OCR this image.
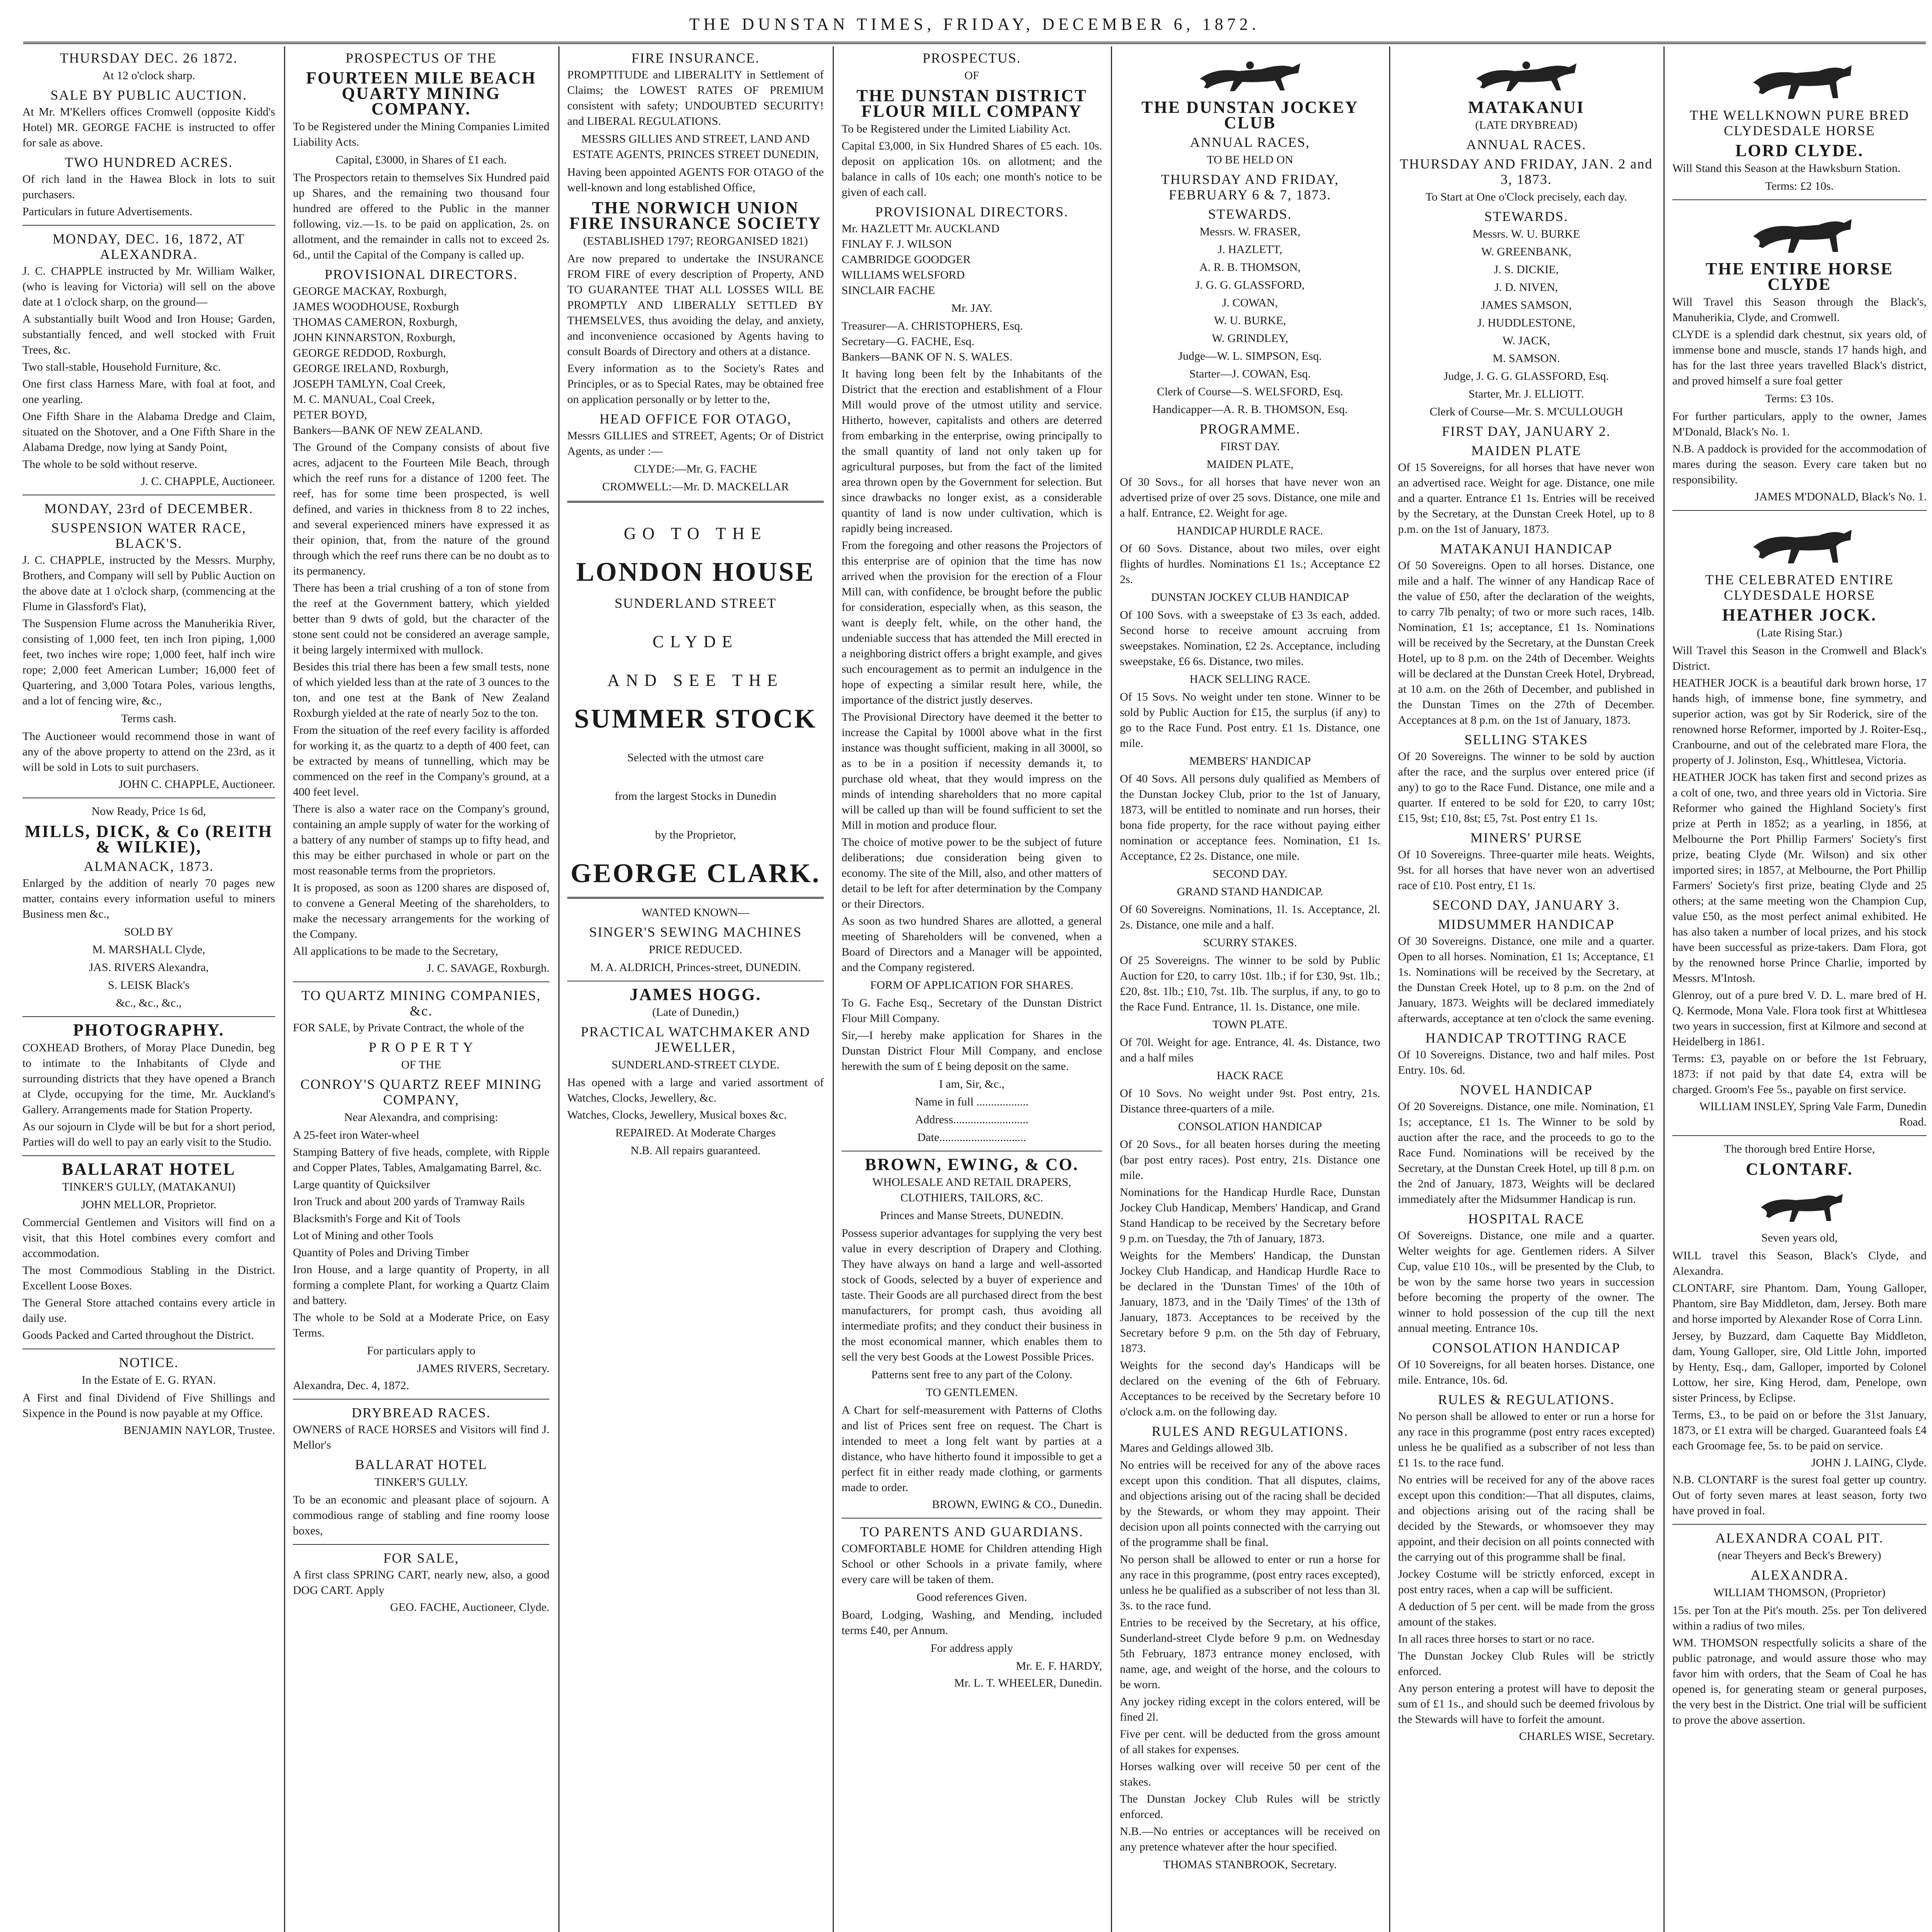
THE DUNSTAN TIMES, FRIDAY, DECEMBER 6, 1872.
THURSDAY DEC. 26 1872.
At 12 o'clock sharp.
SALE BY PUBLIC AUCTION.

At Mr. M'Kellers offices Cromwell (opposite Kidd's Hotel) MR. GEORGE FACHE is instructed to offer for sale as above.

TWO HUNDRED ACRES.

Of rich land in the Hawea Block in lots to suit purchasers.

Particulars in future Advertisements.

MONDAY, DEC. 16, 1872, AT ALEXANDRA.

J. C. CHAPPLE instructed by Mr. William Walker, (who is leaving for Victoria) will sell on the above date at 1 o'clock sharp, on the ground—

A substantially built Wood and Iron House; Garden, substantially fenced, and well stocked with Fruit Trees, &c.

Two stall-stable, Household Furniture, &c.

One first class Harness Mare, with foal at foot, and one yearling.

One Fifth Share in the Alabama Dredge and Claim, situated on the Shotover, and a One Fifth Share in the Alabama Dredge, now lying at Sandy Point,

The whole to be sold without reserve.

J. C. CHAPPLE, Auctioneer.
MONDAY, 23rd of DECEMBER.
SUSPENSION WATER RACE, BLACK'S.

J. C. CHAPPLE, instructed by the Messrs. Murphy, Brothers, and Company will sell by Public Auction on the above date at 1 o'clock sharp, (commencing at the Flume in Glassford's Flat),

The Suspension Flume across the Manuherikia River, consisting of 1,000 feet, ten inch Iron piping, 1,000 feet, two inches wire rope; 1,000 feet, half inch wire rope; 2,000 feet American Lumber; 16,000 feet of Quartering, and 3,000 Totara Poles, various lengths, and a lot of fencing wire, &c.,

Terms cash.

The Auctioneer would recommend those in want of any of the above property to attend on the 23rd, as it will be sold in Lots to suit purchasers.

JOHN C. CHAPPLE, Auctioneer.
Now Ready, Price 1s 6d,
MILLS, DICK, & Co (REITH & WILKIE),
ALMANACK, 1873.

Enlarged by the addition of nearly 70 pages new matter, contains every information useful to miners Business men &c.,

SOLD BY
M. MARSHALL Clyde,
JAS. RIVERS Alexandra,
S. LEISK Black's
&c., &c., &c.,
PHOTOGRAPHY.

COXHEAD Brothers, of Moray Place Dunedin, beg to intimate to the Inhabitants of Clyde and surrounding districts that they have opened a Branch at Clyde, occupying for the time, Mr. Auckland's Gallery. Arrangements made for Station Property.

As our sojourn in Clyde will be but for a short period, Parties will do well to pay an early visit to the Studio.

BALLARAT HOTEL
TINKER'S GULLY, (MATAKANUI)
JOHN MELLOR, Proprietor.

Commercial Gentlemen and Visitors will find on a visit, that this Hotel combines every comfort and accommodation.

The most Commodious Stabling in the District. Excellent Loose Boxes.

The General Store attached contains every article in daily use.

Goods Packed and Carted throughout the District.

NOTICE.
In the Estate of E. G. RYAN.

A First and final Dividend of Five Shillings and Sixpence in the Pound is now payable at my Office.

BENJAMIN NAYLOR, Trustee.
PROSPECTUS OF THE
FOURTEEN MILE BEACH QUARTY MINING COMPANY.

To be Registered under the Mining Companies Limited Liability Acts.

Capital, £3000, in Shares of £1 each.

The Prospectors retain to themselves Six Hundred paid up Shares, and the remaining two thousand four hundred are offered to the Public in the manner following, viz.—1s. to be paid on application, 2s. on allotment, and the remainder in calls not to exceed 2s. 6d., until the Capital of the Company is called up.

PROVISIONAL DIRECTORS.
GEORGE MACKAY, Roxburgh,
JAMES WOODHOUSE, Roxburgh
THOMAS CAMERON, Roxburgh,
JOHN KINNARSTON, Roxburgh,
GEORGE REDDOD, Roxburgh,
GEORGE IRELAND, Roxburgh,
JOSEPH TAMLYN, Coal Creek,
M. C. MANUAL, Coal Creek,
PETER BOYD,
Bankers—BANK OF NEW ZEALAND.

The Ground of the Company consists of about five acres, adjacent to the Fourteen Mile Beach, through which the reef runs for a distance of 1200 feet. The reef, has for some time been prospected, is well defined, and varies in thickness from 8 to 22 inches, and several experienced miners have expressed it as their opinion, that, from the nature of the ground through which the reef runs there can be no doubt as to its permanency.

There has been a trial crushing of a ton of stone from the reef at the Government battery, which yielded better than 9 dwts of gold, but the character of the stone sent could not be considered an average sample, it being largely intermixed with mullock.

Besides this trial there has been a few small tests, none of which yielded less than at the rate of 3 ounces to the ton, and one test at the Bank of New Zealand Roxburgh yielded at the rate of nearly 5oz to the ton.

From the situation of the reef every facility is afforded for working it, as the quartz to a depth of 400 feet, can be extracted by means of tunnelling, which may be commenced on the reef in the Company's ground, at a 400 feet level.

There is also a water race on the Company's ground, containing an ample supply of water for the working of a battery of any number of stamps up to fifty head, and this may be either purchased in whole or part on the most reasonable terms from the proprietors.

It is proposed, as soon as 1200 shares are disposed of, to convene a General Meeting of the shareholders, to make the necessary arrangements for the working of the Company.

All applications to be made to the Secretary,

J. C. SAVAGE, Roxburgh.
TO QUARTZ MINING COMPANIES, &c.

FOR SALE, by Private Contract, the whole of the

P R O P E R T Y
OF THE
CONROY'S QUARTZ REEF MINING COMPANY,
Near Alexandra, and comprising:

A 25-feet iron Water-wheel

Stamping Battery of five heads, complete, with Ripple and Copper Plates, Tables, Amalgamating Barrel, &c.

Large quantity of Quicksilver

Iron Truck and about 200 yards of Tramway Rails

Blacksmith's Forge and Kit of Tools

Lot of Mining and other Tools

Quantity of Poles and Driving Timber

Iron House, and a large quantity of Property, in all forming a complete Plant, for working a Quartz Claim and battery.

The whole to be Sold at a Moderate Price, on Easy Terms.

For particulars apply to
JAMES RIVERS, Secretary.
Alexandra, Dec. 4, 1872.
DRYBREAD RACES.

OWNERS of RACE HORSES and Visitors will find J. Mellor's

BALLARAT HOTEL
TINKER'S GULLY.

To be an economic and pleasant place of sojourn. A commodious range of stabling and fine roomy loose boxes,

FOR SALE,

A first class SPRING CART, nearly new, also, a good DOG CART. Apply

GEO. FACHE, Auctioneer, Clyde.
FIRE INSURANCE.

PROMPTITUDE and LIBERALITY in Settlement of Claims; the LOWEST RATES OF PREMIUM consistent with safety; UNDOUBTED SECURITY! and LIBERAL REGULATIONS.

MESSRS GILLIES AND STREET, LAND AND ESTATE AGENTS, PRINCES STREET DUNEDIN,

Having been appointed AGENTS FOR OTAGO of the well-known and long established Office,

THE NORWICH UNION FIRE INSURANCE SOCIETY
(ESTABLISHED 1797; REORGANISED 1821)

Are now prepared to undertake the INSURANCE FROM FIRE of every description of Property, AND TO GUARANTEE THAT ALL LOSSES WILL BE PROMPTLY AND LIBERALLY SETTLED BY THEMSELVES, thus avoiding the delay, and anxiety, and inconvenience occasioned by Agents having to consult Boards of Directory and others at a distance.

Every information as to the Society's Rates and Principles, or as to Special Rates, may be obtained free on application personally or by letter to the,

HEAD OFFICE FOR OTAGO,

Messrs GILLIES and STREET, Agents; Or of District Agents, as under :—

CLYDE:—Mr. G. FACHE
CROMWELL:—Mr. D. MACKELLAR
GO TO THE
LONDON HOUSE
SUNDERLAND STREET
CLYDE
AND SEE THE
SUMMER STOCK
Selected with the utmost care
from the largest Stocks in Dunedin
by the Proprietor,
GEORGE CLARK.
WANTED KNOWN—
SINGER'S SEWING MACHINES
PRICE REDUCED.
M. A. ALDRICH, Princes-street, DUNEDIN.
JAMES HOGG.
(Late of Dunedin,)
PRACTICAL WATCHMAKER AND JEWELLER,
SUNDERLAND-STREET CLYDE.

Has opened with a large and varied assortment of Watches, Clocks, Jewellery, &c.

Watches, Clocks, Jewellery, Musical boxes &c.

REPAIRED. At Moderate Charges
N.B. All repairs guaranteed.
PROSPECTUS.
OF
THE DUNSTAN DISTRICT FLOUR MILL COMPANY

To be Registered under the Limited Liability Act.

Capital £3,000, in Six Hundred Shares of £5 each. 10s. deposit on application 10s. on allotment; and the balance in calls of 10s each; one month's notice to be given of each call.

PROVISIONAL DIRECTORS.
Mr. HAZLETT Mr. AUCKLAND
FINLAY F. J. WILSON
CAMBRIDGE GOODGER
WILLIAMS WELSFORD
SINCLAIR FACHE
Mr. JAY.
Treasurer—A. CHRISTOPHERS, Esq.
Secretary—G. FACHE, Esq.
Bankers—BANK OF N. S. WALES.

It having long been felt by the Inhabitants of the District that the erection and establishment of a Flour Mill would prove of the utmost utility and service. Hitherto, however, capitalists and others are deterred from embarking in the enterprise, owing principally to the small quantity of land not only taken up for agricultural purposes, but from the fact of the limited area thrown open by the Government for selection. But since drawbacks no longer exist, as a considerable quantity of land is now under cultivation, which is rapidly being increased.

From the foregoing and other reasons the Projectors of this enterprise are of opinion that the time has now arrived when the provision for the erection of a Flour Mill can, with confidence, be brought before the public for consideration, especially when, as this season, the want is deeply felt, while, on the other hand, the undeniable success that has attended the Mill erected in a neighboring district offers a bright example, and gives such encouragement as to permit an indulgence in the hope of expecting a similar result here, while, the importance of the district justly deserves.

The Provisional Directory have deemed it the better to increase the Capital by 1000l above what in the first instance was thought sufficient, making in all 3000l, so as to be in a position if necessity demands it, to purchase old wheat, that they would impress on the minds of intending shareholders that no more capital will be called up than will be found sufficient to set the Mill in motion and produce flour.

The choice of motive power to be the subject of future deliberations; due consideration being given to economy. The site of the Mill, also, and other matters of detail to be left for after determination by the Company or their Directors.

As soon as two hundred Shares are allotted, a general meeting of Shareholders will be convened, when a Board of Directors and a Manager will be appointed, and the Company registered.

FORM OF APPLICATION FOR SHARES.

To G. Fache Esq., Secretary of the Dunstan District Flour Mill Company.

Sir,—I hereby make application for Shares in the Dunstan District Flour Mill Company, and enclose herewith the sum of £ being deposit on the same.

I am, Sir, &c.,
Name in full ..................
Address..........................
Date..............................
BROWN, EWING, & CO.
WHOLESALE AND RETAIL DRAPERS, CLOTHIERS, TAILORS, &C.
Princes and Manse Streets, DUNEDIN.

Possess superior advantages for supplying the very best value in every description of Drapery and Clothing. They have always on hand a large and well-assorted stock of Goods, selected by a buyer of experience and taste. Their Goods are all purchased direct from the best manufacturers, for prompt cash, thus avoiding all intermediate profits; and they conduct their business in the most economical manner, which enables them to sell the very best Goods at the Lowest Possible Prices.

Patterns sent free to any part of the Colony.
TO GENTLEMEN.

A Chart for self-measurement with Patterns of Cloths and list of Prices sent free on request. The Chart is intended to meet a long felt want by parties at a distance, who have hitherto found it impossible to get a perfect fit in either ready made clothing, or garments made to order.

BROWN, EWING & CO., Dunedin.
TO PARENTS AND GUARDIANS.

COMFORTABLE HOME for Children attending High School or other Schools in a private family, where every care will be taken of them.

Good references Given.

Board, Lodging, Washing, and Mending, included terms £40, per Annum.

For address apply
Mr. E. F. HARDY,
Mr. L. T. WHEELER, Dunedin.
THE DUNSTAN JOCKEY CLUB
ANNUAL RACES,
TO BE HELD ON
THURSDAY AND FRIDAY, FEBRUARY 6 & 7, 1873.
STEWARDS.
Messrs. W. FRASER,
J. HAZLETT,
A. R. B. THOMSON,
J. G. G. GLASSFORD,
J. COWAN,
W. U. BURKE,
W. GRINDLEY,
Judge—W. L. SIMPSON, Esq.
Starter—J. COWAN, Esq.
Clerk of Course—S. WELSFORD, Esq.
Handicapper—A. R. B. THOMSON, Esq.
PROGRAMME.
FIRST DAY.
MAIDEN PLATE,

Of 30 Sovs., for all horses that have never won an advertised prize of over 25 sovs. Distance, one mile and a half. Entrance, £2. Weight for age.

HANDICAP HURDLE RACE.

Of 60 Sovs. Distance, about two miles, over eight flights of hurdles. Nominations £1 1s.; Acceptance £2 2s.

DUNSTAN JOCKEY CLUB HANDICAP

Of 100 Sovs. with a sweepstake of £3 3s each, added. Second horse to receive amount accruing from sweepstakes. Nomination, £2 2s. Acceptance, including sweepstake, £6 6s. Distance, two miles.

HACK SELLING RACE.

Of 15 Sovs. No weight under ten stone. Winner to be sold by Public Auction for £15, the surplus (if any) to go to the Race Fund. Post entry. £1 1s. Distance, one mile.

MEMBERS' HANDICAP

Of 40 Sovs. All persons duly qualified as Members of the Dunstan Jockey Club, prior to the 1st of January, 1873, will be entitled to nominate and run horses, their bona fide property, for the race without paying either nomination or acceptance fees. Nomination, £1 1s. Acceptance, £2 2s. Distance, one mile.

SECOND DAY.
GRAND STAND HANDICAP.

Of 60 Sovereigns. Nominations, 1l. 1s. Acceptance, 2l. 2s. Distance, one mile and a half.

SCURRY STAKES.

Of 25 Sovereigns. The winner to be sold by Public Auction for £20, to carry 10st. 1lb.; if for £30, 9st. 1lb.; £20, 8st. 1lb.; £10, 7st. 1lb. The surplus, if any, to go to the Race Fund. Entrance, 1l. 1s. Distance, one mile.

TOWN PLATE.

Of 70l. Weight for age. Entrance, 4l. 4s. Distance, two and a half miles

HACK RACE

Of 10 Sovs. No weight under 9st. Post entry, 21s. Distance three-quarters of a mile.

CONSOLATION HANDICAP

Of 20 Sovs., for all beaten horses during the meeting (bar post entry races). Post entry, 21s. Distance one mile.

Nominations for the Handicap Hurdle Race, Dunstan Jockey Club Handicap, Members' Handicap, and Grand Stand Handicap to be received by the Secretary before 9 p.m. on Tuesday, the 7th of January, 1873.

Weights for the Members' Handicap, the Dunstan Jockey Club Handicap, and Handicap Hurdle Race to be declared in the 'Dunstan Times' of the 10th of January, 1873, and in the 'Daily Times' of the 13th of January, 1873. Acceptances to be received by the Secretary before 9 p.m. on the 5th day of February, 1873.

Weights for the second day's Handicaps will be declared on the evening of the 6th of February. Acceptances to be received by the Secretary before 10 o'clock a.m. on the following day.

RULES AND REGULATIONS.

Mares and Geldings allowed 3lb.

No entries will be received for any of the above races except upon this condition. That all disputes, claims, and objections arising out of the racing shall be decided by the Stewards, or whom they may appoint. Their decision upon all points connected with the carrying out of the programme shall be final.

No person shall be allowed to enter or run a horse for any race in this programme, (post entry races excepted), unless he be qualified as a subscriber of not less than 3l. 3s. to the race fund.

Entries to be received by the Secretary, at his office, Sunderland-street Clyde before 9 p.m. on Wednesday 5th February, 1873 entrance money enclosed, with name, age, and weight of the horse, and the colours to be worn.

Any jockey riding except in the colors entered, will be fined 2l.

Five per cent. will be deducted from the gross amount of all stakes for expenses.

Horses walking over will receive 50 per cent of the stakes.

The Dunstan Jockey Club Rules will be strictly enforced.

N.B.—No entries or acceptances will be received on any pretence whatever after the hour specified.

THOMAS STANBROOK, Secretary.
MATAKANUI
(LATE DRYBREAD)
ANNUAL RACES.
THURSDAY AND FRIDAY, JAN. 2 and 3, 1873.
To Start at One o'Clock precisely, each day.
STEWARDS.
Messrs. W. U. BURKE
W. GREENBANK,
J. S. DICKIE,
J. D. NIVEN,
JAMES SAMSON,
J. HUDDLESTONE,
W. JACK,
M. SAMSON.
Judge, J. G. G. GLASSFORD, Esq.
Starter, Mr. J. ELLIOTT.
Clerk of Course—Mr. S. M'CULLOUGH
FIRST DAY, JANUARY 2.
MAIDEN PLATE

Of 15 Sovereigns, for all horses that have never won an advertised race. Weight for age. Distance, one mile and a quarter. Entrance £1 1s. Entries will be received by the Secretary, at the Dunstan Creek Hotel, up to 8 p.m. on the 1st of January, 1873.

MATAKANUI HANDICAP

Of 50 Sovereigns. Open to all horses. Distance, one mile and a half. The winner of any Handicap Race of the value of £50, after the declaration of the weights, to carry 7lb penalty; of two or more such races, 14lb. Nomination, £1 1s; acceptance, £1 1s. Nominations will be received by the Secretary, at the Dunstan Creek Hotel, up to 8 p.m. on the 24th of December. Weights will be declared at the Dunstan Creek Hotel, Drybread, at 10 a.m. on the 26th of December, and published in the Dunstan Times on the 27th of December. Acceptances at 8 p.m. on the 1st of January, 1873.

SELLING STAKES

Of 20 Sovereigns. The winner to be sold by auction after the race, and the surplus over entered price (if any) to go to the Race Fund. Distance, one mile and a quarter. If entered to be sold for £20, to carry 10st; £15, 9st; £10, 8st; £5, 7st. Post entry £1 1s.

MINERS' PURSE

Of 10 Sovereigns. Three-quarter mile heats. Weights, 9st. for all horses that have never won an advertised race of £10. Post entry, £1 1s.

SECOND DAY, JANUARY 3.
MIDSUMMER HANDICAP

Of 30 Sovereigns. Distance, one mile and a quarter. Open to all horses. Nomination, £1 1s; Acceptance, £1 1s. Nominations will be received by the Secretary, at the Dunstan Creek Hotel, up to 8 p.m. on the 2nd of January, 1873. Weights will be declared immediately afterwards, acceptance at ten o'clock the same evening.

HANDICAP TROTTING RACE

Of 10 Sovereigns. Distance, two and half miles. Post Entry. 10s. 6d.

NOVEL HANDICAP

Of 20 Sovereigns. Distance, one mile. Nomination, £1 1s; acceptance, £1 1s. The Winner to be sold by auction after the race, and the proceeds to go to the Race Fund. Nominations will be received by the Secretary, at the Dunstan Creek Hotel, up till 8 p.m. on the 2nd of January, 1873, Weights will be declared immediately after the Midsummer Handicap is run.

HOSPITAL RACE

Of Sovereigns. Distance, one mile and a quarter. Welter weights for age. Gentlemen riders. A Silver Cup, value £10 10s., will be presented by the Club, to be won by the same horse two years in succession before becoming the property of the owner. The winner to hold possession of the cup till the next annual meeting. Entrance 10s.

CONSOLATION HANDICAP

Of 10 Sovereigns, for all beaten horses. Distance, one mile. Entrance, 10s. 6d.

RULES & REGULATIONS.

No person shall be allowed to enter or run a horse for any race in this programme (post entry races excepted) unless he be qualified as a subscriber of not less than £1 1s. to the race fund.

No entries will be received for any of the above races except upon this condition:—That all disputes, claims, and objections arising out of the racing shall be decided by the Stewards, or whomsoever they may appoint, and their decision on all points connected with the carrying out of this programme shall be final.

Jockey Costume will be strictly enforced, except in post entry races, when a cap will be sufficient.

A deduction of 5 per cent. will be made from the gross amount of the stakes.

In all races three horses to start or no race.

The Dunstan Jockey Club Rules will be strictly enforced.

Any person entering a protest will have to deposit the sum of £1 1s., and should such be deemed frivolous by the Stewards will have to forfeit the amount.

CHARLES WISE, Secretary.
THE WELLKNOWN PURE BRED CLYDESDALE HORSE
LORD CLYDE.

Will Stand this Season at the Hawksburn Station.

Terms: £2 10s.
THE ENTIRE HORSE CLYDE

Will Travel this Season through the Black's, Manuherikia, Clyde, and Cromwell.

CLYDE is a splendid dark chestnut, six years old, of immense bone and muscle, stands 17 hands high, and has for the last three years travelled Black's district, and proved himself a sure foal getter

Terms: £3 10s.

For further particulars, apply to the owner, James M'Donald, Black's No. 1.

N.B. A paddock is provided for the accommodation of mares during the season. Every care taken but no responsibility.

JAMES M'DONALD, Black's No. 1.
THE CELEBRATED ENTIRE CLYDESDALE HORSE
HEATHER JOCK.
(Late Rising Star.)

Will Travel this Season in the Cromwell and Black's District.

HEATHER JOCK is a beautiful dark brown horse, 17 hands high, of immense bone, fine symmetry, and superior action, was got by Sir Roderick, sire of the renowned horse Reformer, imported by J. Roiter-Esq., Cranbourne, and out of the celebrated mare Flora, the property of J. Jolinston, Esq., Whittlesea, Victoria.

HEATHER JOCK has taken first and second prizes as a colt of one, two, and three years old in Victoria. Sire Reformer who gained the Highland Society's first prize at Perth in 1852; as a yearling, in 1856, at Melbourne the Port Phillip Farmers' Society's first prize, beating Clyde (Mr. Wilson) and six other imported sires; in 1857, at Melbourne, the Port Phillip Farmers' Society's first prize, beating Clyde and 25 others; at the same meeting won the Champion Cup, value £50, as the most perfect animal exhibited. He has also taken a number of local prizes, and his stock have been successful as prize-takers. Dam Flora, got by the renowned horse Prince Charlie, imported by Messrs. M'Intosh.

Glenroy, out of a pure bred V. D. L. mare bred of H. Q. Kermode, Mona Vale. Flora took first at Whittlesea two years in succession, first at Kilmore and second at Heidelberg in 1861.

Terms: £3, payable on or before the 1st February, 1873: if not paid by that date £4, extra will be charged. Groom's Fee 5s., payable on first service.

WILLIAM INSLEY, Spring Vale Farm, Dunedin Road.
The thorough bred Entire Horse,
CLONTARF.
Seven years old,

WILL travel this Season, Black's Clyde, and Alexandra.

CLONTARF, sire Phantom. Dam, Young Galloper, Phantom, sire Bay Middleton, dam, Jersey. Both mare and horse imported by Alexander Rose of Corra Linn.

Jersey, by Buzzard, dam Caquette Bay Middleton, dam, Young Galloper, sire, Old Little John, imported by Henty, Esq., dam, Galloper, imported by Colonel Lottow, her sire, King Herod, dam, Penelope, own sister Princess, by Eclipse.

Terms, £3., to be paid on or before the 31st January, 1873, or £1 extra will be charged. Guaranteed foals £4 each Groomage fee, 5s. to be paid on service.

JOHN J. LAING, Clyde.

N.B. CLONTARF is the surest foal getter up country. Out of forty seven mares at least season, forty two have proved in foal.

ALEXANDRA COAL PIT.
(near Theyers and Beck's Brewery)
ALEXANDRA.
WILLIAM THOMSON, (Proprietor)

15s. per Ton at the Pit's mouth. 25s. per Ton delivered within a radius of two miles.

WM. THOMSON respectfully solicits a share of the public patronage, and would assure those who may favor him with orders, that the Seam of Coal he has opened is, for generating steam or general purposes, the very best in the District. One trial will be sufficient to prove the above assertion.
